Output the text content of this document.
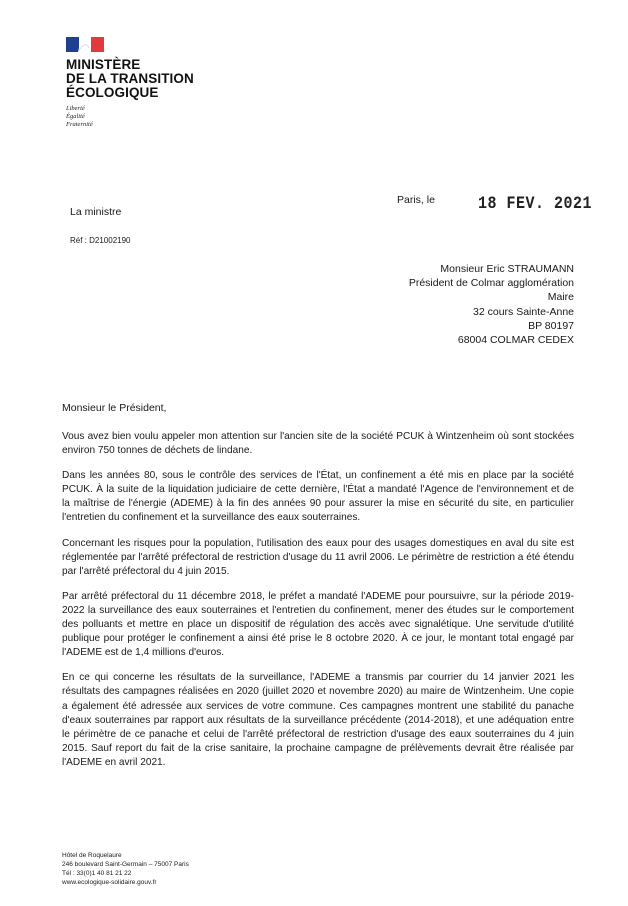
MINISTÈRE
DE LA TRANSITION
ÉCOLOGIQUE
Liberté
Égalité
Fraternité
La ministre
Réf : D21002190
Paris, le	18 FEV. 2021
Monsieur Eric STRAUMANN
Président de Colmar agglomération
Maire
32 cours Sainte-Anne
BP 80197
68004 COLMAR CEDEX
Monsieur le Président,

Vous avez bien voulu appeler mon attention sur l'ancien site de la société PCUK à Wintzenheim où sont stockées environ 750 tonnes de déchets de lindane.

Dans les années 80, sous le contrôle des services de l'État, un confinement a été mis en place par la société PCUK. À la suite de la liquidation judiciaire de cette dernière, l'État a mandaté l'Agence de l'environnement et de la maîtrise de l'énergie (ADEME) à la fin des années 90 pour assurer la mise en sécurité du site, en particulier l'entretien du confinement et la surveillance des eaux souterraines.

Concernant les risques pour la population, l'utilisation des eaux pour des usages domestiques en aval du site est réglementée par l'arrêté préfectoral de restriction d'usage du 11 avril 2006. Le périmètre de restriction a été étendu par l'arrêté préfectoral du 4 juin 2015.

Par arrêté préfectoral du 11 décembre 2018, le préfet a mandaté l'ADEME pour poursuivre, sur la période 2019-2022 la surveillance des eaux souterraines et l'entretien du confinement, mener des études sur le comportement des polluants et mettre en place un dispositif de régulation des accès avec signalétique. Une servitude d'utilité publique pour protéger le confinement a ainsi été prise le 8 octobre 2020. À ce jour, le montant total engagé par l'ADEME est de 1,4 millions d'euros.

En ce qui concerne les résultats de la surveillance, l'ADEME a transmis par courrier du 14 janvier 2021 les résultats des campagnes réalisées en 2020 (juillet 2020 et novembre 2020) au maire de Wintzenheim. Une copie a également été adressée aux services de votre commune. Ces campagnes montrent une stabilité du panache d'eaux souterraines par rapport aux résultats de la surveillance précédente (2014-2018), et une adéquation entre le périmètre de ce panache et celui de l'arrêté préfectoral de restriction d'usage des eaux souterraines du 4 juin 2015. Sauf report du fait de la crise sanitaire, la prochaine campagne de prélèvements devrait être réalisée par l'ADEME en avril 2021.

Hôtel de Roquelaure
246 boulevard Saint-Germain – 75007 Paris
Tél : 33(0)1 40 81 21 22
www.ecologique-solidaire.gouv.fr
